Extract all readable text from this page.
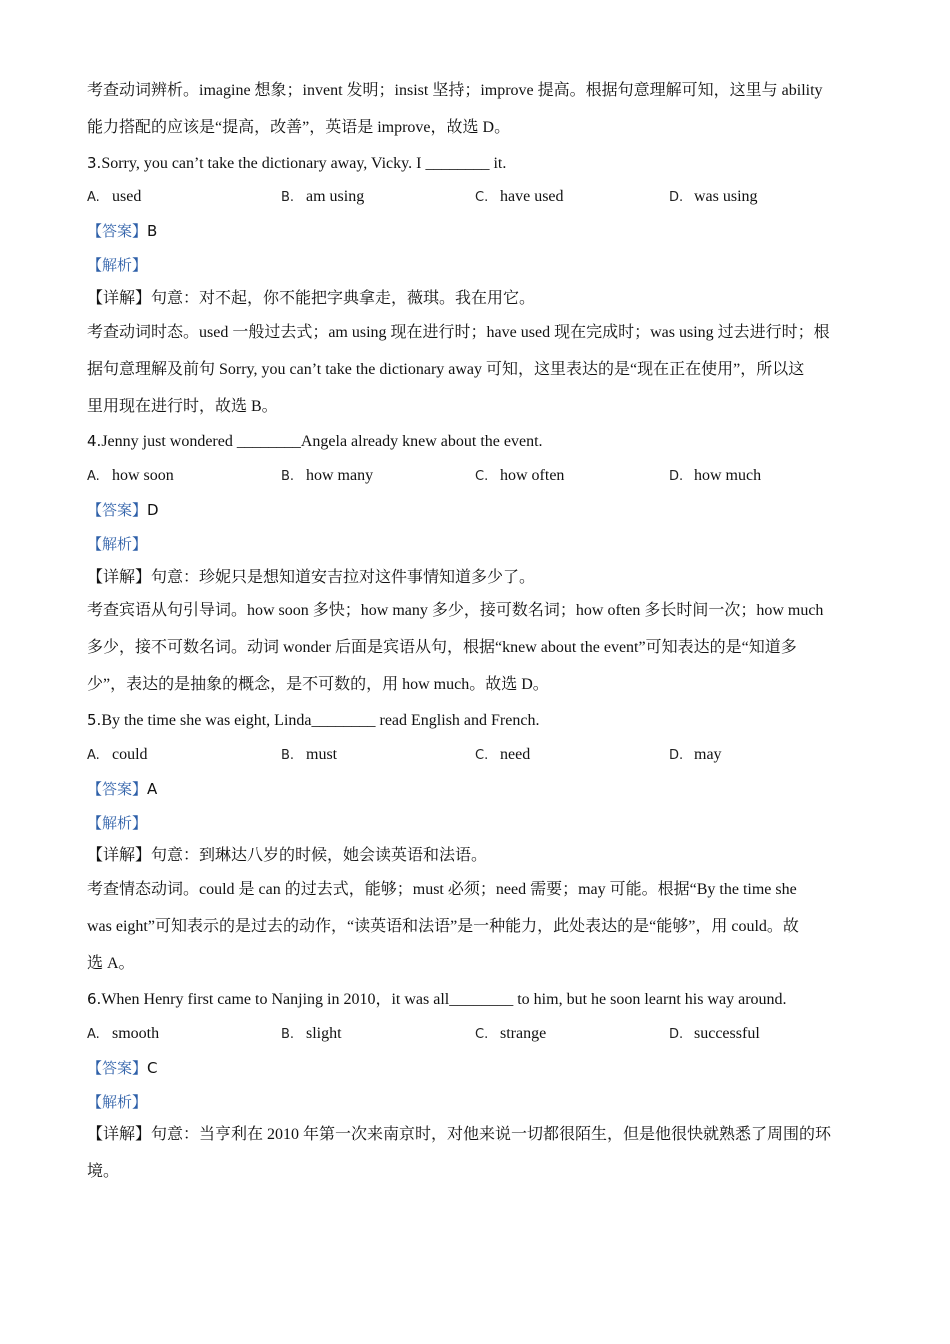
考查动词辨析。imagine 想象；invent 发明；insist 坚持；improve 提高。根据句意理解可知，这里与 ability
能力搭配的应该是“提高，改善”，英语是 improve，故选 D。
3.Sorry, you can’t take the dictionary away, Vicky. I ________ it.
A. used	B. am using	C. have used	D. was using
【答案】B
【解析】
【详解】句意：对不起，你不能把字典拿走，薇琪。我在用它。
考查动词时态。used 一般过去式；am using 现在进行时；have used 现在完成时；was using 过去进行时；根
据句意理解及前句 Sorry, you can’t take the dictionary away 可知，这里表达的是“现在正在使用”，所以这
里用现在进行时，故选 B。
4.Jenny just wondered ________Angela already knew about the event.
A. how soon	B. how many	C. how often	D. how much
【答案】D
【解析】
【详解】句意：珍妮只是想知道安吉拉对这件事情知道多少了。
考查宾语从句引导词。how soon 多快；how many 多少，接可数名词；how often 多长时间一次；how much
多少，接不可数名词。动词 wonder 后面是宾语从句，根据“knew about the event”可知表达的是“知道多
少”，表达的是抽象的概念，是不可数的，用 how much。故选 D。
5.By the time she was eight, Linda________ read English and French.
A. could	B. must	C. need	D. may
【答案】A
【解析】
【详解】句意：到琳达八岁的时候，她会读英语和法语。
考查情态动词。could 是 can 的过去式，能够；must 必须；need 需要；may 可能。根据“By the time she
was eight”可知表示的是过去的动作，“读英语和法语”是一种能力，此处表达的是“能够”，用 could。故
选 A。
6.When Henry first came to Nanjing in 2010，it was all________ to him, but he soon learnt his way around.
A. smooth	B. slight	C. strange	D. successful
【答案】C
【解析】
【详解】句意：当亨利在 2010 年第一次来南京时，对他来说一切都很陌生，但是他很快就熟悉了周围的环
境。
